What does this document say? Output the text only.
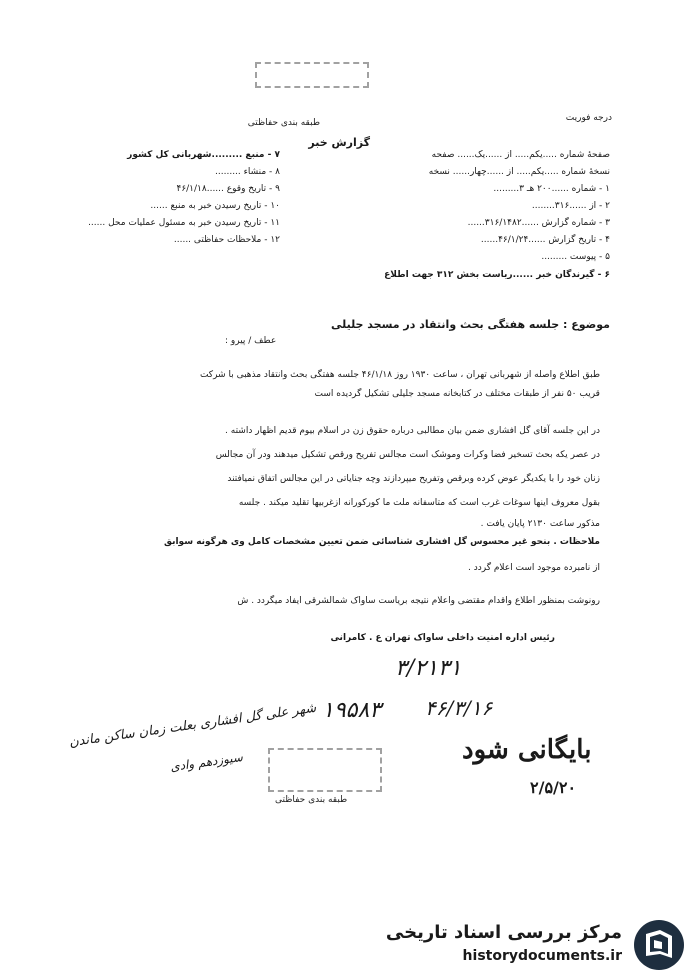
طبقه بندی حفاظتی	درجه فوریت
گزارش خبر
صفحهٔ شماره .....یکم..... از ......یک...... صفحه
نسخهٔ شماره .....یکم..... از ......چهار...... نسخه
۱ - شماره ......۲۰۰ هـ ۳.........
۲ - از ......۳۱۶........
۳ - شماره گزارش ......۳۱۶/۱۴۸۲......
۴ - تاریخ گزارش ......۴۶/۱/۲۴......
۵ - پیوست .........
۶ - گیرندگان خبر ......ریاست بخش ۳۱۲ جهت اطلاع
۷ - منبع .........شهربانی کل کشور
۸ - منشاء .........
۹ - تاریخ وقوع ......۴۶/۱/۱۸
۱۰ - تاریخ رسیدن خبر به منبع ......
۱۱ - تاریخ رسیدن خبر به مسئول عملیات محل ......
۱۲ - ملاحظات حفاظتی ......
موضوع : جلسه هفتگی بحث وانتقاد در مسجد جلیلی
عطف / پیرو :
طبق اطلاع واصله از شهربانی تهران ، ساعت ۱۹۳۰ روز ۴۶/۱/۱۸ جلسه هفتگی بحث وانتقاد مذهبی با شرکت
قریب ۵۰ نفر از طبقات مختلف در کتابخانه مسجد جلیلی تشکیل گردیده است
در این جلسه آقای گل افشاری ضمن بیان مطالبی درباره حقوق زن در اسلام بیوم قدیم اظهار داشته .
در عصر یکه بحث تسخیر فضا وکرات وموشک است مجالس تفریح ورقص تشکیل میدهند ودر آن مجالس
زنان خود را با یکدیگر عوض کرده وبرقص وتفریح میپردازند وچه جنایاتی در این مجالس اتفاق نمیافتند
بقول معروف اینها سوغات غرب است که متاسفانه ملت ما کورکورانه ازغربیها تقلید میکند . جلسه
مذکور ساعت ۲۱۳۰ پایان یافت .
ملاحظات . بنحو غیر محسوس گل افشاری شناسائی ضمن تعیین مشخصات کامل وی هرگونه سوابق
از نامبرده موجود است اعلام گردد .
رونوشت بمنظور اطلاع واقدام مقتضی واعلام نتیجه بریاست ساواک شمالشرقی ایفاد میگردد . ش
رئیس اداره امنیت داخلی ساواک تهران ع . کامرانی
۳/۲۱۳۱
۴۶/۳/۱۶
۱۹۵۸۳
شهر علی گل افشاری بعلت زمان ساکن ماندن
سیوزدهم وادی	بایگانی شود
۲/۵/۲۰
طبقه بندی حفاظتی
مرکز بررسی اسناد تاریخی
historydocuments.ir
